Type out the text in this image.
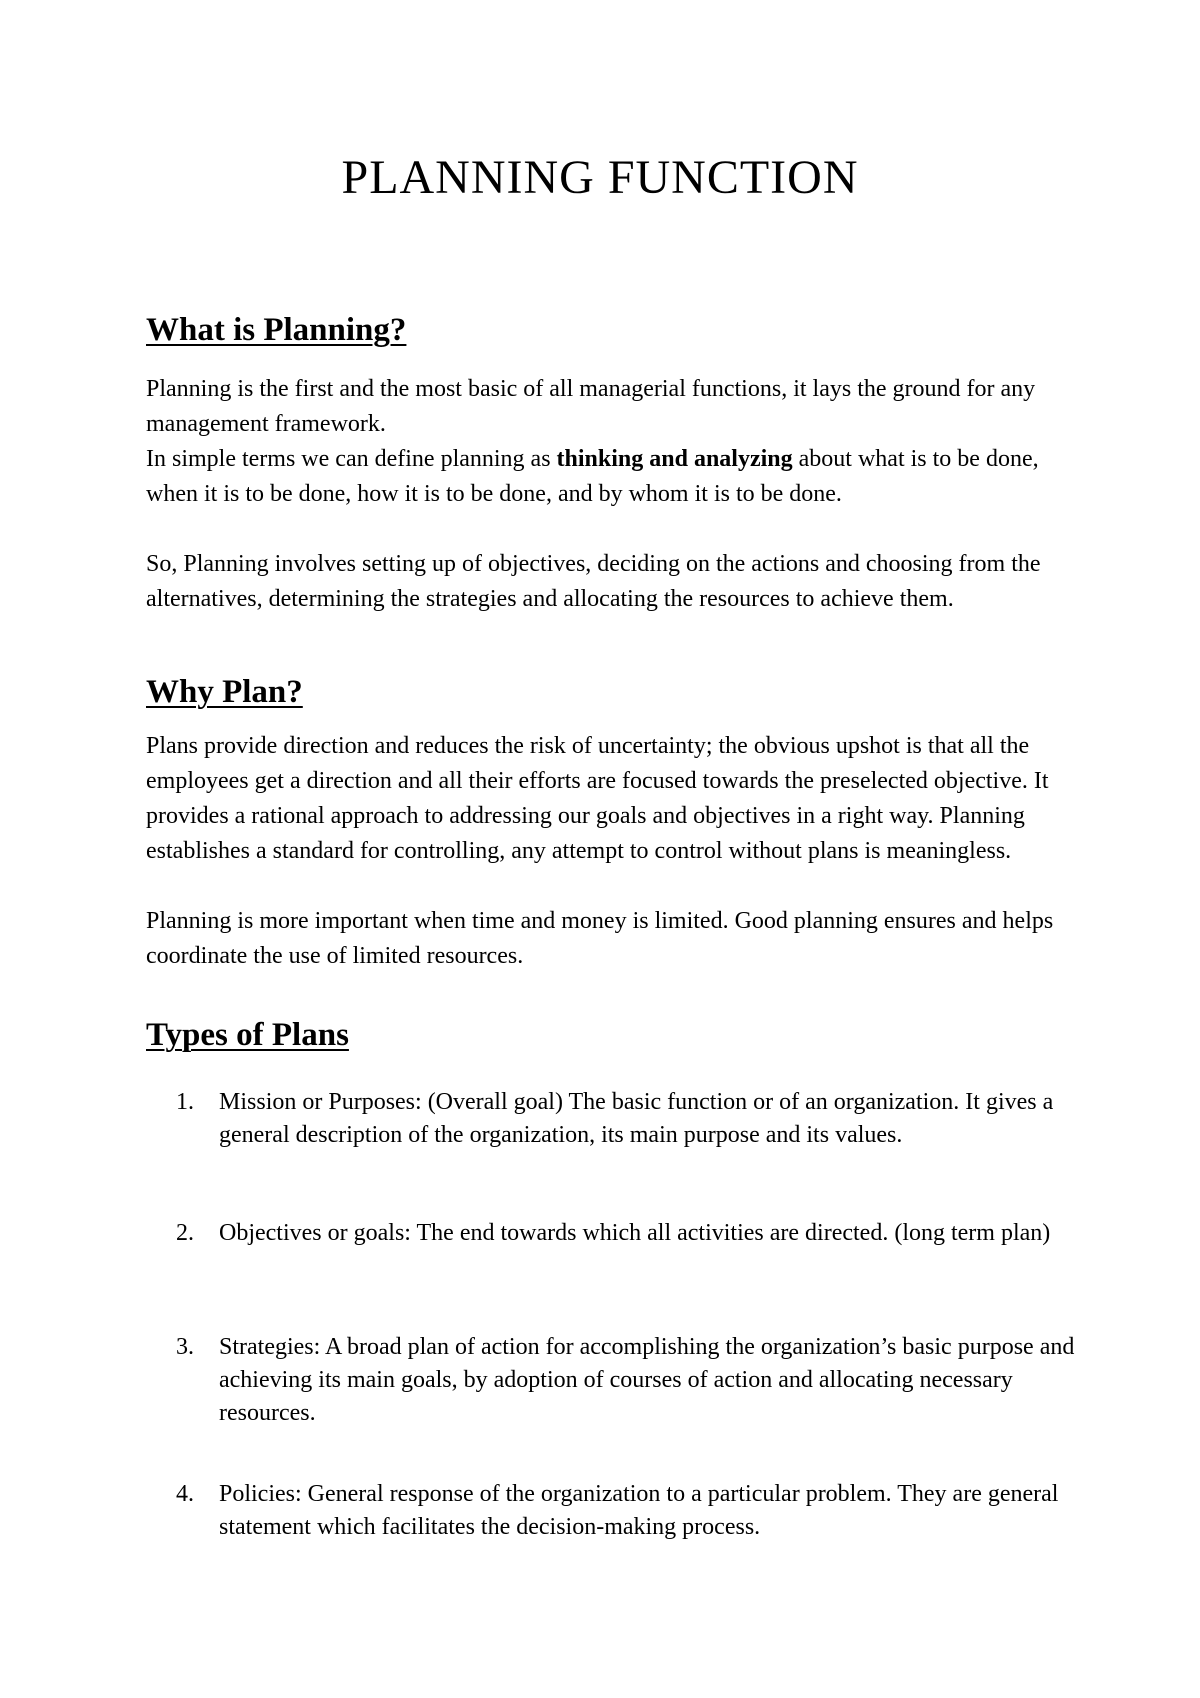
PLANNING FUNCTION
What is Planning?

Planning is the first and the most basic of all managerial functions, it lays the ground for any management framework.

In simple terms we can define planning as thinking and analyzing about what is to be done, when it is to be done, how it is to be done, and by whom it is to be done.

So, Planning involves setting up of objectives, deciding on the actions and choosing from the alternatives, determining the strategies and allocating the resources to achieve them.

Why Plan?

Plans provide direction and reduces the risk of uncertainty; the obvious upshot is that all the employees get a direction and all their efforts are focused towards the preselected objective. It provides a rational approach to addressing our goals and objectives in a right way. Planning establishes a standard for controlling, any attempt to control without plans is meaningless.

Planning is more important when time and money is limited. Good planning ensures and helps coordinate the use of limited resources.

Types of Plans
1. Mission or Purposes: (Overall goal) The basic function or of an organization. It gives a general description of the organization, its main purpose and its values.
2. Objectives or goals: The end towards which all activities are directed. (long term plan)
3. Strategies: A broad plan of action for accomplishing the organization’s basic purpose and achieving its main goals, by adoption of courses of action and allocating necessary resources.
4. Policies: General response of the organization to a particular problem. They are general statement which facilitates the decision-making process.
